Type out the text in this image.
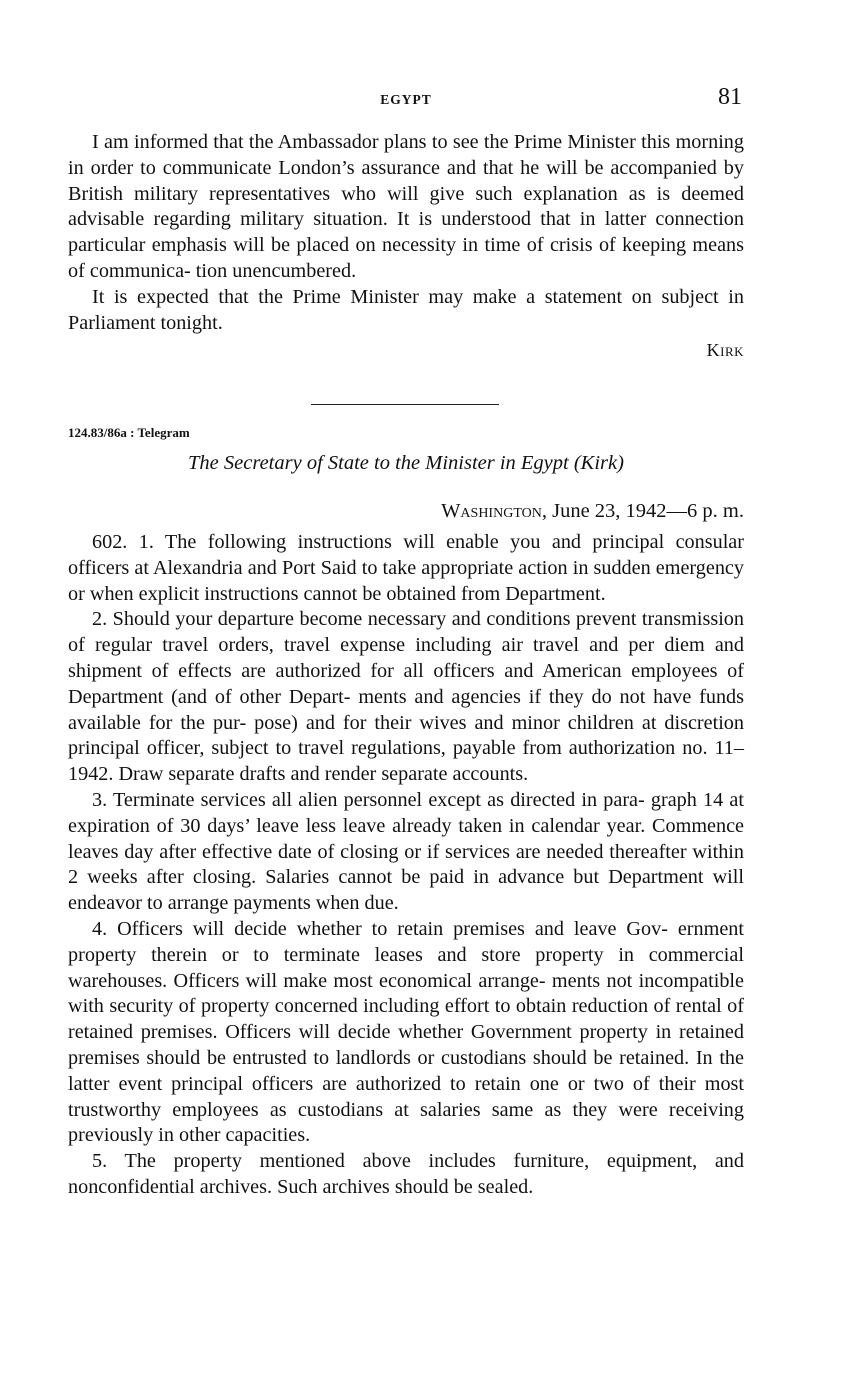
EGYPT	81

I am informed that the Ambassador plans to see the Prime Minister this morning in order to communicate London’s assurance and that he will be accompanied by British military representatives who will give such explanation as is deemed advisable regarding military situation. It is understood that in latter connection particular emphasis will be placed on necessity in time of crisis of keeping means of communica- tion unencumbered.

It is expected that the Prime Minister may make a statement on subject in Parliament tonight.

Kirk
124.83/86a : Telegram
The Secretary of State to the Minister in Egypt (Kirk)
Washington, June 23, 1942—6 p. m.

602. 1. The following instructions will enable you and principal consular officers at Alexandria and Port Said to take appropriate action in sudden emergency or when explicit instructions cannot be obtained from Department.

2. Should your departure become necessary and conditions prevent transmission of regular travel orders, travel expense including air travel and per diem and shipment of effects are authorized for all officers and American employees of Department (and of other Depart- ments and agencies if they do not have funds available for the pur- pose) and for their wives and minor children at discretion principal officer, subject to travel regulations, payable from authorization no. 11–1942. Draw separate drafts and render separate accounts.

3. Terminate services all alien personnel except as directed in para- graph 14 at expiration of 30 days’ leave less leave already taken in calendar year. Commence leaves day after effective date of closing or if services are needed thereafter within 2 weeks after closing. Salaries cannot be paid in advance but Department will endeavor to arrange payments when due.

4. Officers will decide whether to retain premises and leave Gov- ernment property therein or to terminate leases and store property in commercial warehouses. Officers will make most economical arrange- ments not incompatible with security of property concerned including effort to obtain reduction of rental of retained premises. Officers will decide whether Government property in retained premises should be entrusted to landlords or custodians should be retained. In the latter event principal officers are authorized to retain one or two of their most trustworthy employees as custodians at salaries same as they were receiving previously in other capacities.

5. The property mentioned above includes furniture, equipment, and nonconfidential archives. Such archives should be sealed.
